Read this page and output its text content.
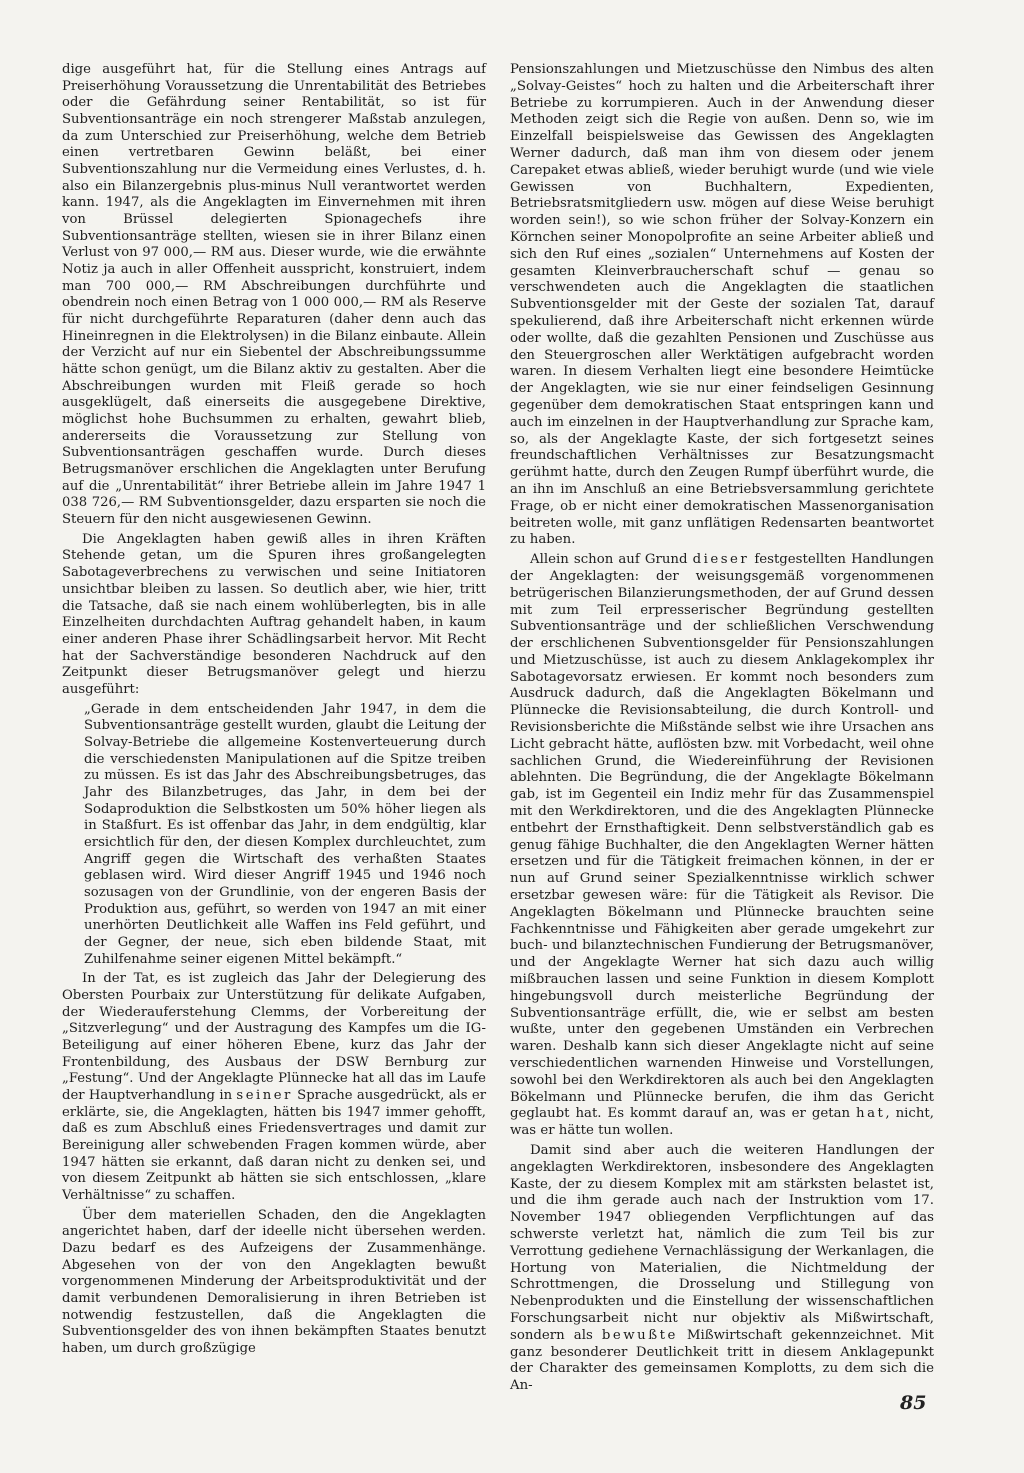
dige ausgeführt hat, für die Stellung eines Antrags auf Preiserhöhung Voraussetzung die Unrentabilität des Betriebes oder die Gefährdung seiner Rentabilität, so ist für Subventionsanträge ein noch strengerer Maßstab anzulegen, da zum Unterschied zur Preiserhöhung, welche dem Betrieb einen vertretbaren Gewinn beläßt, bei einer Subventionszahlung nur die Vermeidung eines Verlustes, d. h. also ein Bilanzergebnis plus-minus Null verantwortet werden kann. 1947, als die Angeklagten im Einvernehmen mit ihren von Brüssel delegierten Spionagechefs ihre Subventionsanträge stellten, wiesen sie in ihrer Bilanz einen Verlust von 97 000,— RM aus. Dieser wurde, wie die erwähnte Notiz ja auch in aller Offenheit ausspricht, konstruiert, indem man 700 000,— RM Abschreibungen durchführte und obendrein noch einen Betrag von 1 000 000,— RM als Reserve für nicht durchgeführte Reparaturen (daher denn auch das Hineinregnen in die Elektrolysen) in die Bilanz einbaute. Allein der Verzicht auf nur ein Siebentel der Abschreibungssumme hätte schon genügt, um die Bilanz aktiv zu gestalten. Aber die Abschreibungen wurden mit Fleiß gerade so hoch ausgeklügelt, daß einerseits die ausgegebene Direktive, möglichst hohe Buchsummen zu erhalten, gewahrt blieb, andererseits die Voraussetzung zur Stellung von Subventionsanträgen geschaffen wurde. Durch dieses Betrugsmanöver erschlichen die Angeklagten unter Berufung auf die „Unrentabilität“ ihrer Betriebe allein im Jahre 1947 1 038 726,— RM Subventionsgelder, dazu ersparten sie noch die Steuern für den nicht ausgewiesenen Gewinn.

Die Angeklagten haben gewiß alles in ihren Kräften Stehende getan, um die Spuren ihres großangelegten Sabotageverbrechens zu verwischen und seine Initiatoren unsichtbar bleiben zu lassen. So deutlich aber, wie hier, tritt die Tatsache, daß sie nach einem wohlüberlegten, bis in alle Einzelheiten durchdachten Auftrag gehandelt haben, in kaum einer anderen Phase ihrer Schädlingsarbeit hervor. Mit Recht hat der Sachverständige besonderen Nachdruck auf den Zeitpunkt dieser Betrugsmanöver gelegt und hierzu ausgeführt:

„Gerade in dem entscheidenden Jahr 1947, in dem die Subventionsanträge gestellt wurden, glaubt die Leitung der Solvay-Betriebe die allgemeine Kostenverteuerung durch die verschiedensten Manipulationen auf die Spitze treiben zu müssen. Es ist das Jahr des Abschreibungsbetruges, das Jahr des Bilanzbetruges, das Jahr, in dem bei der Sodaproduktion die Selbstkosten um 50% höher liegen als in Staßfurt. Es ist offenbar das Jahr, in dem endgültig, klar ersichtlich für den, der diesen Komplex durchleuchtet, zum Angriff gegen die Wirtschaft des verhaßten Staates geblasen wird. Wird dieser Angriff 1945 und 1946 noch sozusagen von der Grundlinie, von der engeren Basis der Produktion aus, geführt, so werden von 1947 an mit einer unerhörten Deutlichkeit alle Waffen ins Feld geführt, und der Gegner, der neue, sich eben bildende Staat, mit Zuhilfenahme seiner eigenen Mittel bekämpft.“

In der Tat, es ist zugleich das Jahr der Delegierung des Obersten Pourbaix zur Unterstützung für delikate Aufgaben, der Wiederauferstehung Clemms, der Vorbereitung der „Sitzverlegung“ und der Austragung des Kampfes um die IG-Beteiligung auf einer höheren Ebene, kurz das Jahr der Frontenbildung, des Ausbaus der DSW Bernburg zur „Festung“. Und der Angeklagte Plünnecke hat all das im Laufe der Hauptverhandlung in seiner Sprache ausgedrückt, als er erklärte, sie, die Angeklagten, hätten bis 1947 immer gehofft, daß es zum Abschluß eines Friedensvertrages und damit zur Bereinigung aller schwebenden Fragen kommen würde, aber 1947 hätten sie erkannt, daß daran nicht zu denken sei, und von diesem Zeitpunkt ab hätten sie sich entschlossen, „klare Verhältnisse“ zu schaffen.

Über dem materiellen Schaden, den die Angeklagten angerichtet haben, darf der ideelle nicht übersehen werden. Dazu bedarf es des Aufzeigens der Zusammenhänge. Abgesehen von der von den Angeklagten bewußt vorgenommenen Minderung der Arbeitsproduktivität und der damit verbundenen Demoralisierung in ihren Betrieben ist notwendig festzustellen, daß die Angeklagten die Subventionsgelder des von ihnen bekämpften Staates benutzt haben, um durch großzügige

Pensionszahlungen und Mietzuschüsse den Nimbus des alten „Solvay-Geistes“ hoch zu halten und die Arbeiterschaft ihrer Betriebe zu korrumpieren. Auch in der Anwendung dieser Methoden zeigt sich die Regie von außen. Denn so, wie im Einzelfall beispielsweise das Gewissen des Angeklagten Werner dadurch, daß man ihm von diesem oder jenem Carepaket etwas abließ, wieder beruhigt wurde (und wie viele Gewissen von Buchhaltern, Expedienten, Betriebsratsmitgliedern usw. mögen auf diese Weise beruhigt worden sein!), so wie schon früher der Solvay-Konzern ein Körnchen seiner Monopolprofite an seine Arbeiter abließ und sich den Ruf eines „sozialen“ Unternehmens auf Kosten der gesamten Kleinverbraucherschaft schuf — genau so verschwendeten auch die Angeklagten die staatlichen Subventionsgelder mit der Geste der sozialen Tat, darauf spekulierend, daß ihre Arbeiterschaft nicht erkennen würde oder wollte, daß die gezahlten Pensionen und Zuschüsse aus den Steuergroschen aller Werktätigen aufgebracht worden waren. In diesem Verhalten liegt eine besondere Heimtücke der Angeklagten, wie sie nur einer feindseligen Gesinnung gegenüber dem demokratischen Staat entspringen kann und auch im einzelnen in der Hauptverhandlung zur Sprache kam, so, als der Angeklagte Kaste, der sich fortgesetzt seines freundschaftlichen Verhältnisses zur Besatzungsmacht gerühmt hatte, durch den Zeugen Rumpf überführt wurde, die an ihn im Anschluß an eine Betriebsversammlung gerichtete Frage, ob er nicht einer demokratischen Massenorganisation beitreten wolle, mit ganz unflätigen Redensarten beantwortet zu haben.

Allein schon auf Grund dieser festgestellten Handlungen der Angeklagten: der weisungsgemäß vorgenommenen betrügerischen Bilanzierungsmethoden, der auf Grund dessen mit zum Teil erpresserischer Begründung gestellten Subventionsanträge und der schließlichen Verschwendung der erschlichenen Subventionsgelder für Pensionszahlungen und Mietzuschüsse, ist auch zu diesem Anklagekomplex ihr Sabotagevorsatz erwiesen. Er kommt noch besonders zum Ausdruck dadurch, daß die Angeklagten Bökelmann und Plünnecke die Revisionsabteilung, die durch Kontroll- und Revisionsberichte die Mißstände selbst wie ihre Ursachen ans Licht gebracht hätte, auflösten bzw. mit Vorbedacht, weil ohne sachlichen Grund, die Wiedereinführung der Revisionen ablehnten. Die Begründung, die der Angeklagte Bökelmann gab, ist im Gegenteil ein Indiz mehr für das Zusammenspiel mit den Werkdirektoren, und die des Angeklagten Plünnecke entbehrt der Ernsthaftigkeit. Denn selbstverständlich gab es genug fähige Buchhalter, die den Angeklagten Werner hätten ersetzen und für die Tätigkeit freimachen können, in der er nun auf Grund seiner Spezialkenntnisse wirklich schwer ersetzbar gewesen wäre: für die Tätigkeit als Revisor. Die Angeklagten Bökelmann und Plünnecke brauchten seine Fachkenntnisse und Fähigkeiten aber gerade umgekehrt zur buch- und bilanztechnischen Fundierung der Betrugsmanöver, und der Angeklagte Werner hat sich dazu auch willig mißbrauchen lassen und seine Funktion in diesem Komplott hingebungsvoll durch meisterliche Begründung der Subventionsanträge erfüllt, die, wie er selbst am besten wußte, unter den gegebenen Umständen ein Verbrechen waren. Deshalb kann sich dieser Angeklagte nicht auf seine verschiedentlichen warnenden Hinweise und Vorstellungen, sowohl bei den Werkdirektoren als auch bei den Angeklagten Bökelmann und Plünnecke berufen, die ihm das Gericht geglaubt hat. Es kommt darauf an, was er getan hat, nicht, was er hätte tun wollen.

Damit sind aber auch die weiteren Handlungen der angeklagten Werkdirektoren, insbesondere des Angeklagten Kaste, der zu diesem Komplex mit am stärksten belastet ist, und die ihm gerade auch nach der Instruktion vom 17. November 1947 obliegenden Verpflichtungen auf das schwerste verletzt hat, nämlich die zum Teil bis zur Verrottung gediehene Vernachlässigung der Werkanlagen, die Hortung von Materialien, die Nichtmeldung der Schrottmengen, die Drosselung und Stillegung von Nebenprodukten und die Einstellung der wissenschaftlichen Forschungsarbeit nicht nur objektiv als Mißwirtschaft, sondern als bewußte Mißwirtschaft gekennzeichnet. Mit ganz besonderer Deutlichkeit tritt in diesem Anklagepunkt der Charakter des gemeinsamen Komplotts, zu dem sich die An-

85
